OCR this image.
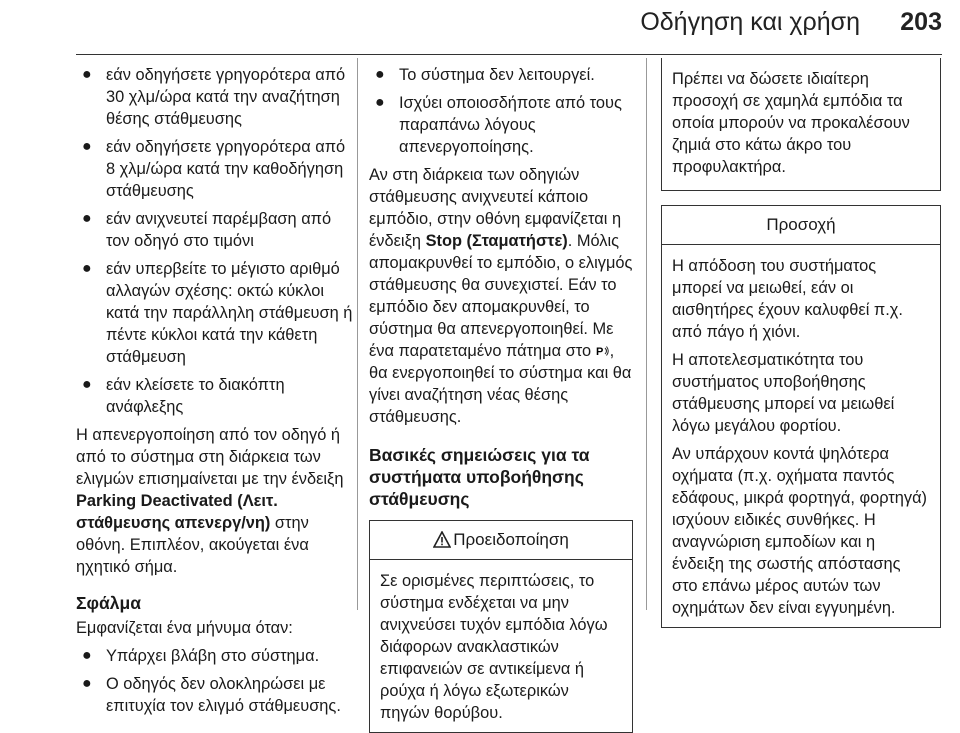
Οδήγηση και χρήση 203
● εάν οδηγήσετε γρηγορότερα από 30 χλμ/ώρα κατά την αναζήτηση θέσης στάθμευσης
● εάν οδηγήσετε γρηγορότερα από 8 χλμ/ώρα κατά την καθοδήγηση στάθμευσης
● εάν ανιχνευτεί παρέμβαση από τον οδηγό στο τιμόνι
● εάν υπερβείτε το μέγιστο αριθμό αλλαγών σχέσης: οκτώ κύκλοι κατά την παράλληλη στάθμευση ή πέντε κύκλοι κατά την κάθετη στάθμευση
● εάν κλείσετε το διακόπτη ανάφλεξης

Η απενεργοποίηση από τον οδηγό ή από το σύστημα στη διάρκεια των ελιγμών επισημαίνεται με την ένδειξη Parking Deactivated (Λειτ. στάθμευσης απενεργ/νη) στην οθόνη. Επιπλέον, ακούγεται ένα ηχητικό σήμα.

Σφάλμα

Εμφανίζεται ένα μήνυμα όταν:

● Υπάρχει βλάβη στο σύστημα.
● Ο οδηγός δεν ολοκληρώσει με επιτυχία τον ελιγμό στάθμευσης.
● Το σύστημα δεν λειτουργεί.
● Ισχύει οποιοσδήποτε από τους παραπάνω λόγους απενεργοποίησης.

Αν στη διάρκεια των οδηγιών στάθμευσης ανιχνευτεί κάποιο εμπόδιο, στην οθόνη εμφανίζεται η ένδειξη Stop (Σταματήστε). Μόλις απομακρυνθεί το εμπόδιο, ο ελιγμός στάθμευσης θα συνεχιστεί. Εάν το εμπόδιο δεν απομακρυνθεί, το σύστημα θα απενεργοποιηθεί. Με ένα παρατεταμένο πάτημα στο P , θα ενεργοποιηθεί το σύστημα και θα γίνει αναζήτηση νέας θέσης στάθμευσης.

Βασικές σημειώσεις για τα συστήματα υποβοήθησης στάθμευσης
Προειδοποίηση
Σε ορισμένες περιπτώσεις, το σύστημα ενδέχεται να μην ανιχνεύσει τυχόν εμπόδια λόγω διάφορων ανακλαστικών επιφανειών σε αντικείμενα ή ρούχα ή λόγω εξωτερικών πηγών θορύβου.
Πρέπει να δώσετε ιδιαίτερη προσοχή σε χαμηλά εμπόδια τα οποία μπορούν να προκαλέσουν ζημιά στο κάτω άκρο του προφυλακτήρα.
Προσοχή

Η απόδοση του συστήματος μπορεί να μειωθεί, εάν οι αισθητήρες έχουν καλυφθεί π.χ. από πάγο ή χιόνι.

Η αποτελεσματικότητα του συστήματος υποβοήθησης στάθμευσης μπορεί να μειωθεί λόγω μεγάλου φορτίου.

Αν υπάρχουν κοντά ψηλότερα οχήματα (π.χ. οχήματα παντός εδάφους, μικρά φορτηγά, φορτηγά) ισχύουν ειδικές συνθήκες. Η αναγνώριση εμποδίων και η ένδειξη της σωστής απόστασης στο επάνω μέρος αυτών των οχημάτων δεν είναι εγγυημένη.
